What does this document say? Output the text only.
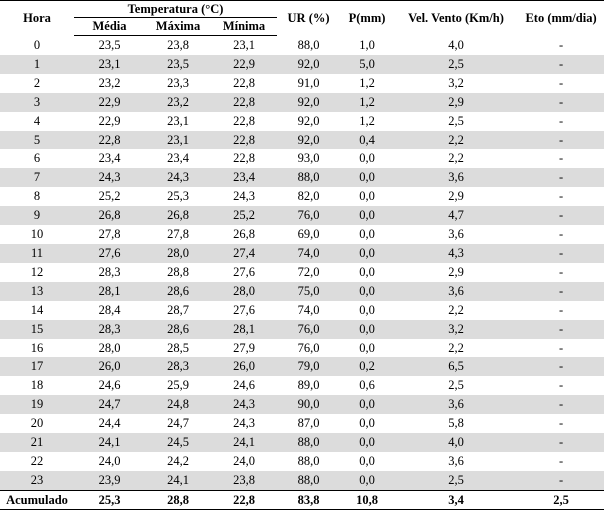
Hora	Temperatura (°C)			UR (%)	P(mm)	Vel. Vento (Km/h)	Eto (mm/dia)
	Média	Máxima	Mínima				
0	23,5	23,8	23,1	88,0	1,0	4,0	-
1	23,1	23,5	22,9	92,0	5,0	2,5	-
2	23,2	23,3	22,8	91,0	1,2	3,2	-
3	22,9	23,2	22,8	92,0	1,2	2,9	-
4	22,9	23,1	22,8	92,0	1,2	2,5	-
5	22,8	23,1	22,8	92,0	0,4	2,2	-
6	23,4	23,4	22,8	93,0	0,0	2,2	-
7	24,3	24,3	23,4	88,0	0,0	3,6	-
8	25,2	25,3	24,3	82,0	0,0	2,9	-
9	26,8	26,8	25,2	76,0	0,0	4,7	-
10	27,8	27,8	26,8	69,0	0,0	3,6	-
11	27,6	28,0	27,4	74,0	0,0	4,3	-
12	28,3	28,8	27,6	72,0	0,0	2,9	-
13	28,1	28,6	28,0	75,0	0,0	3,6	-
14	28,4	28,7	27,6	74,0	0,0	2,2	-
15	28,3	28,6	28,1	76,0	0,0	3,2	-
16	28,0	28,5	27,9	76,0	0,0	2,2	-
17	26,0	28,3	26,0	79,0	0,2	6,5	-
18	24,6	25,9	24,6	89,0	0,6	2,5	-
19	24,7	24,8	24,3	90,0	0,0	3,6	-
20	24,4	24,7	24,3	87,0	0,0	5,8	-
21	24,1	24,5	24,1	88,0	0,0	4,0	-
22	24,0	24,2	24,0	88,0	0,0	3,6	-
23	23,9	24,1	23,8	88,0	0,0	2,5	-
Acumulado	25,3	28,8	22,8	83,8	10,8	3,4	2,5
